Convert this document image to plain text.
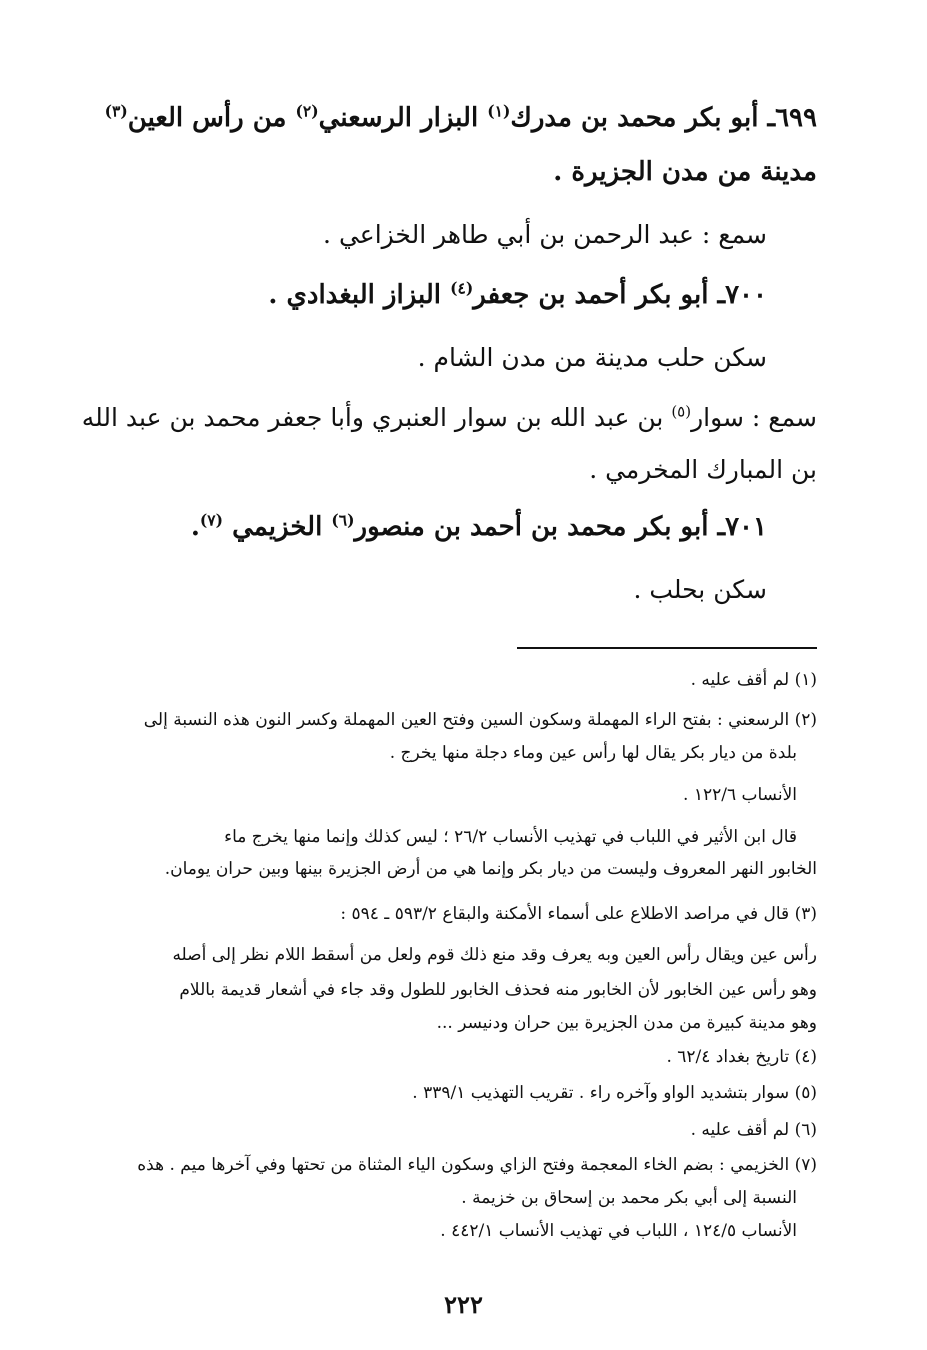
٦٩٩ـ أبو بكر محمد بن مدرك$^{(١)}$ البزار الرسعني$^{(٢)}$ من رأس العين$^{(٣)}$
مدينة من مدن الجزيرة .
سمع : عبد الرحمن بن أبي طاهر الخزاعي .
٧٠٠ـ أبو بكر أحمد بن جعفر$^{(٤)}$ البزاز البغدادي .
سكن حلب مدينة من مدن الشام .
سمع : سوار$^{(٥)}$ بن عبد الله بن سوار العنبري وأبا جعفر محمد بن عبد الله
بن المبارك المخرمي .
٧٠١ـ أبو بكر محمد بن أحمد بن منصور$^{(٦)}$ الخزيمي $^{(٧)}$.
سكن بحلب .
(١) لم أقف عليه .
(٢) الرسعني : بفتح الراء المهملة وسكون السين وفتح العين المهملة وكسر النون هذه النسبة إلى
بلدة من ديار بكر يقال لها رأس عين وماء دجلة منها يخرج .
الأنساب ١٢٢/٦ .
قال ابن الأثير في اللباب في تهذيب الأنساب ٢٦/٢ ؛ ليس كذلك وإنما منها يخرج ماء
الخابور النهر المعروف وليست من ديار بكر وإنما هي من أرض الجزيرة بينها وبين حران يومان.
(٣) قال في مراصد الاطلاع على أسماء الأمكنة والبقاع ٥٩٣/٢ ـ ٥٩٤ :
رأس عين ويقال رأس العين وبه يعرف وقد منع ذلك قوم ولعل من أسقط اللام نظر إلى أصله
وهو رأس عين الخابور لأن الخابور منه فحذف الخابور للطول وقد جاء في أشعار قديمة باللام
وهو مدينة كبيرة من مدن الجزيرة بين حران ودنيسر ...
(٤) تاريخ بغداد ٦٢/٤ .
(٥) سوار بتشديد الواو وآخره راء . تقريب التهذيب ٣٣٩/١ .
(٦) لم أقف عليه .
(٧) الخزيمي : بضم الخاء المعجمة وفتح الزاي وسكون الياء المثناة من تحتها وفي آخرها ميم . هذه
النسبة إلى أبي بكر محمد بن إسحاق بن خزيمة .
الأنساب ١٢٤/٥ ، اللباب في تهذيب الأنساب ٤٤٢/١ .
٢٢٢
